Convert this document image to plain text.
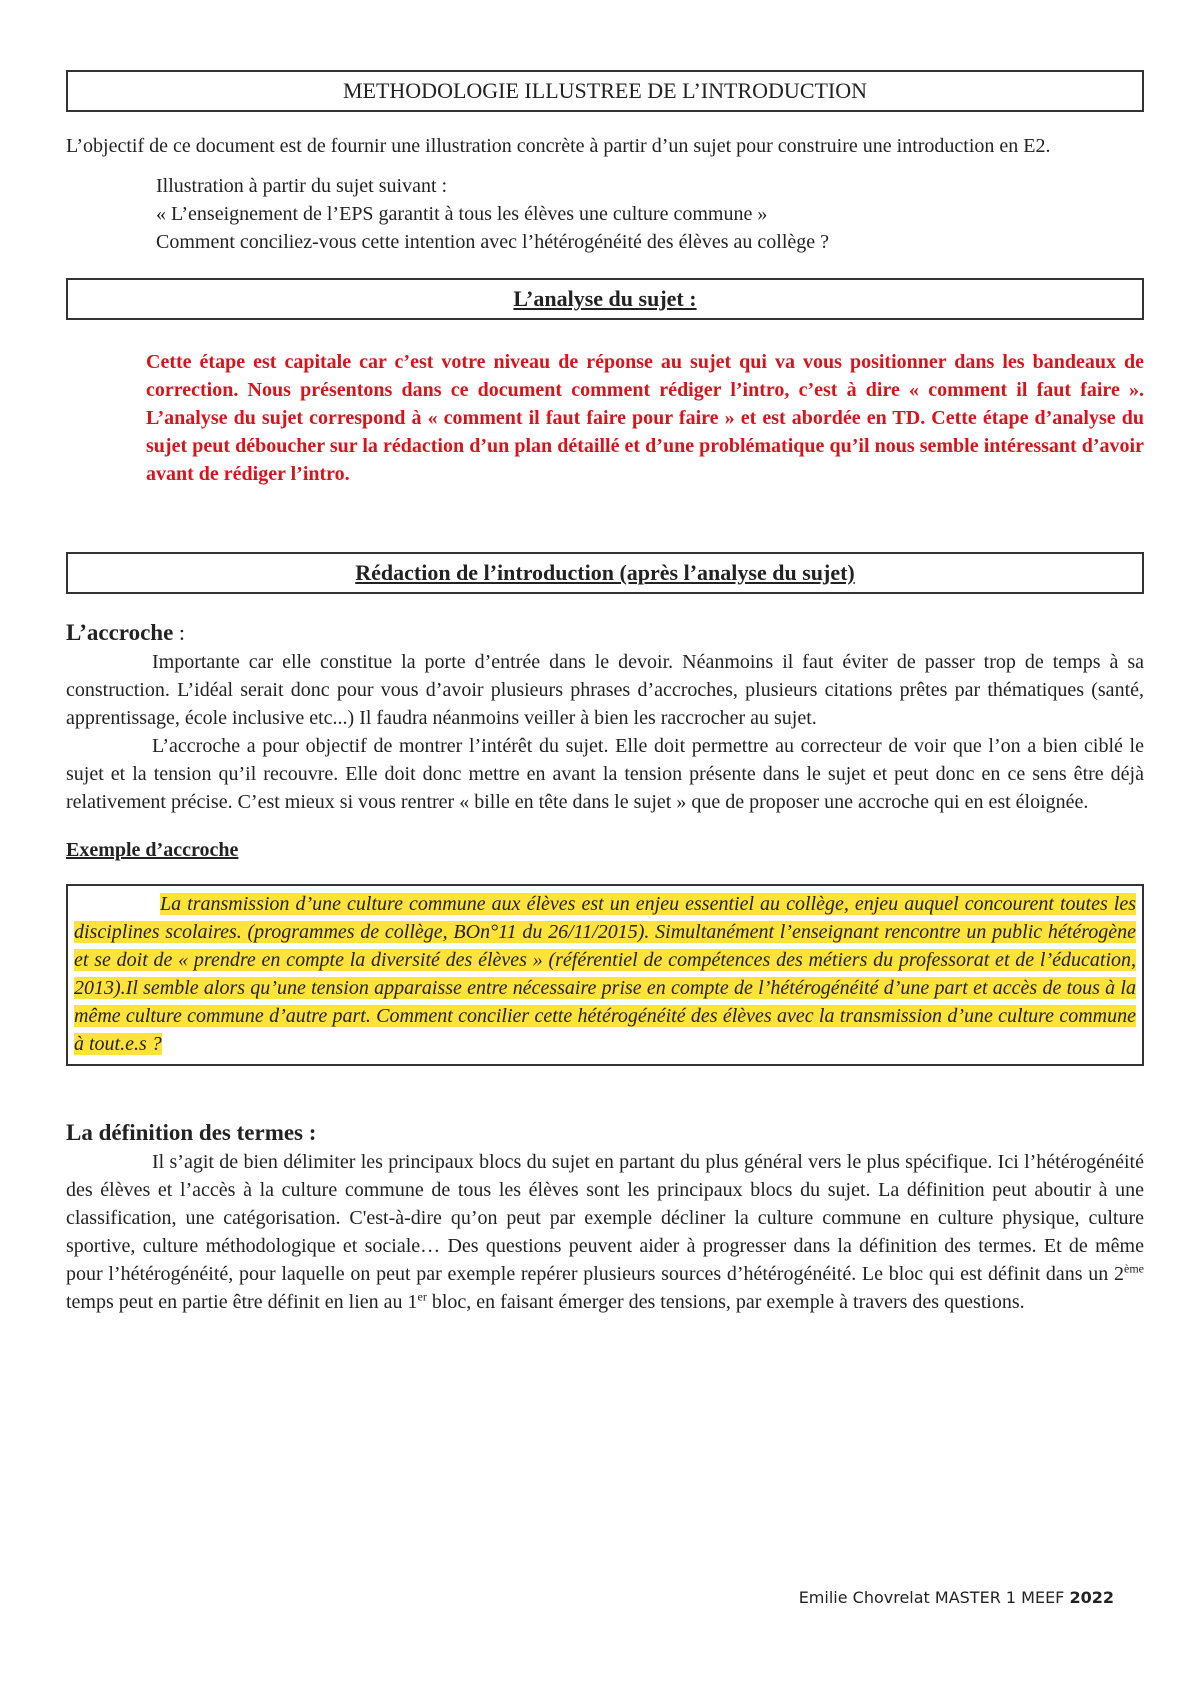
METHODOLOGIE ILLUSTREE DE L’INTRODUCTION

L’objectif de ce document est de fournir une illustration concrète à partir d’un sujet pour construire une introduction en E2.

Illustration à partir du sujet suivant :

« L’enseignement de l’EPS garantit à tous les élèves une culture commune »

Comment conciliez-vous cette intention avec l’hétérogénéité des élèves au collège ?

L’analyse du sujet :

Cette étape est capitale car c’est votre niveau de réponse au sujet qui va vous positionner dans les bandeaux de correction. Nous présentons dans ce document comment rédiger l’intro, c’est à dire « comment il faut faire ». L’analyse du sujet correspond à « comment il faut faire pour faire » et est abordée en TD. Cette étape d’analyse du sujet peut déboucher sur la rédaction d’un plan détaillé et d’une problématique qu’il nous semble intéressant d’avoir avant de rédiger l’intro.

Rédaction de l’introduction (après l’analyse du sujet)

L’accroche :

Importante car elle constitue la porte d’entrée dans le devoir. Néanmoins il faut éviter de passer trop de temps à sa construction. L’idéal serait donc pour vous d’avoir plusieurs phrases d’accroches, plusieurs citations prêtes par thématiques (santé, apprentissage, école inclusive etc...) Il faudra néanmoins veiller à bien les raccrocher au sujet.

L’accroche a pour objectif de montrer l’intérêt du sujet. Elle doit permettre au correcteur de voir que l’on a bien ciblé le sujet et la tension qu’il recouvre. Elle doit donc mettre en avant la tension présente dans le sujet et peut donc en ce sens être déjà relativement précise. C’est mieux si vous rentrer « bille en tête dans le sujet » que de proposer une accroche qui en est éloignée.

Exemple d’accroche

La transmission d’une culture commune aux élèves est un enjeu essentiel au collège, enjeu auquel concourent toutes les disciplines scolaires. (programmes de collège, BOn°11 du 26/11/2015). Simultanément l’enseignant rencontre un public hétérogène et se doit de « prendre en compte la diversité des élèves » (référentiel de compétences des métiers du professorat et de l’éducation, 2013).Il semble alors qu’une tension apparaisse entre nécessaire prise en compte de l’hétérogénéité d’une part et accès de tous à la même culture commune d’autre part. Comment concilier cette hétérogénéité des élèves avec la transmission d’une culture commune à tout.e.s ?

La définition des termes :

Il s’agit de bien délimiter les principaux blocs du sujet en partant du plus général vers le plus spécifique. Ici l’hétérogénéité des élèves et l’accès à la culture commune de tous les élèves sont les principaux blocs du sujet. La définition peut aboutir à une classification, une catégorisation. C'est-à-dire qu’on peut par exemple décliner la culture commune en culture physique, culture sportive, culture méthodologique et sociale… Des questions peuvent aider à progresser dans la définition des termes. Et de même pour l’hétérogénéité, pour laquelle on peut par exemple repérer plusieurs sources d’hétérogénéité. Le bloc qui est définit dans un 2ème temps peut en partie être définit en lien au 1er bloc, en faisant émerger des tensions, par exemple à travers des questions.

Emilie Chovrelat MASTER 1 MEEF 2022
